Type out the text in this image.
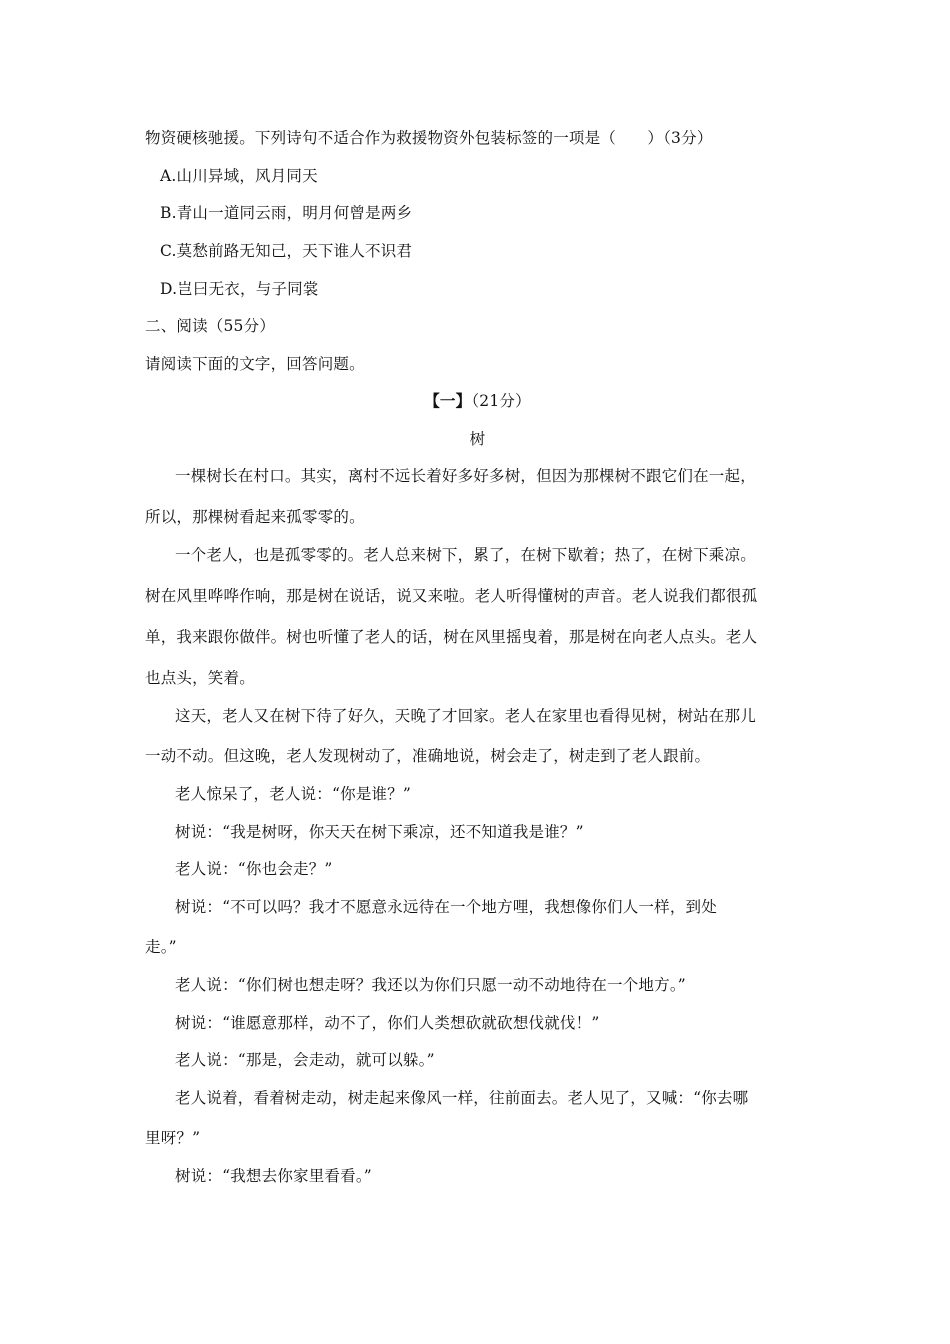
物资硬核驰援。下列诗句不适合作为救援物资外包装标签的一项是（　　）（3分）
A.山川异域，风月同天
B.青山一道同云雨，明月何曾是两乡
C.莫愁前路无知己，天下谁人不识君
D.岂曰无衣，与子同裳
二、阅读（55分）
请阅读下面的文字，回答问题。
【一】（21分）
树
一棵树长在村口。其实，离村不远长着好多好多树，但因为那棵树不跟它们在一起，
所以，那棵树看起来孤零零的。
一个老人，也是孤零零的。老人总来树下，累了，在树下歇着；热了，在树下乘凉。
树在风里哗哗作响，那是树在说话，说又来啦。老人听得懂树的声音。老人说我们都很孤
单，我来跟你做伴。树也听懂了老人的话，树在风里摇曳着，那是树在向老人点头。老人
也点头，笑着。
这天，老人又在树下待了好久，天晚了才回家。老人在家里也看得见树，树站在那儿
一动不动。但这晚，老人发现树动了，准确地说，树会走了，树走到了老人跟前。
老人惊呆了，老人说：“你是谁？”
树说：“我是树呀，你天天在树下乘凉，还不知道我是谁？”
老人说：“你也会走？”
树说：“不可以吗？我才不愿意永远待在一个地方哩，我想像你们人一样，到处
走。”
老人说：“你们树也想走呀？我还以为你们只愿一动不动地待在一个地方。”
树说：“谁愿意那样，动不了，你们人类想砍就砍想伐就伐！”
老人说：“那是，会走动，就可以躲。”
老人说着，看着树走动，树走起来像风一样，往前面去。老人见了，又喊：“你去哪
里呀？”
树说：“我想去你家里看看。”
